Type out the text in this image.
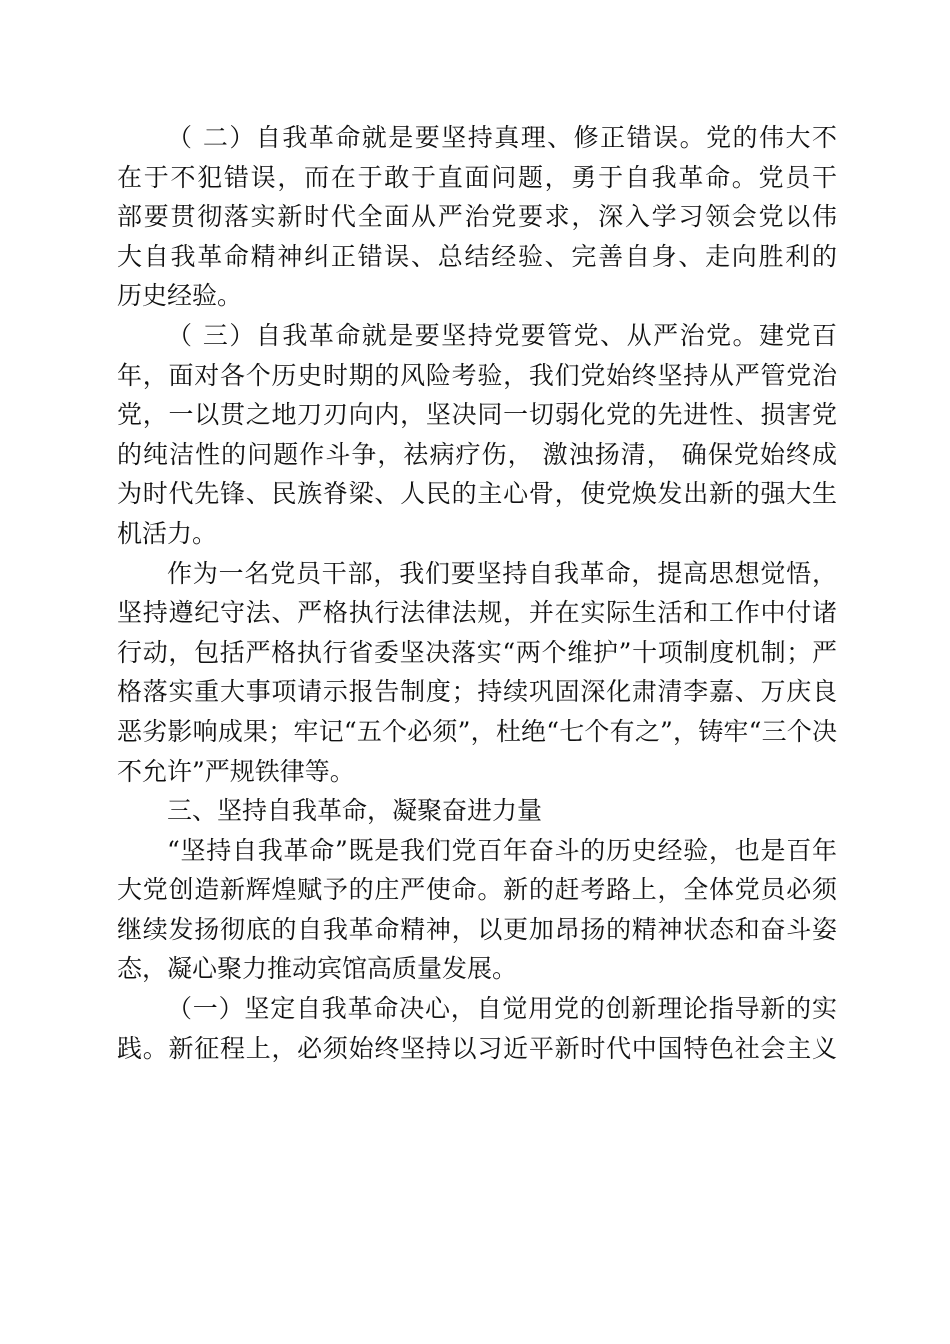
（ 二）自我革命就是要坚持真理、修正错误。党的伟大不
在于不犯错误，而在于敢于直面问题，勇于自我革命。党员干
部要贯彻落实新时代全面从严治党要求，深入学习领会党以伟
大自我革命精神纠正错误、总结经验、完善自身、走向胜利的
历史经验。
（ 三）自我革命就是要坚持党要管党、从严治党。建党百
年，面对各个历史时期的风险考验，我们党始终坚持从严管党治
党，一以贯之地刀刃向内，坚决同一切弱化党的先进性、损害党
的纯洁性的问题作斗争，祛病疗伤， 激浊扬清， 确保党始终成
为时代先锋、民族脊梁、人民的主心骨，使党焕发出新的强大生
机活力。
作为一名党员干部，我们要坚持自我革命，提高思想觉悟，
坚持遵纪守法、严格执行法律法规，并在实际生活和工作中付诸
行动，包括严格执行省委坚决落实“两个维护”十项制度机制；严
格落实重大事项请示报告制度；持续巩固深化肃清李嘉、万庆良
恶劣影响成果；牢记“五个必须”，杜绝“七个有之”，铸牢“三个决
不允许”严规铁律等。
三、坚持自我革命，凝聚奋进力量
“坚持自我革命”既是我们党百年奋斗的历史经验，也是百年
大党创造新辉煌赋予的庄严使命。新的赶考路上，全体党员必须
继续发扬彻底的自我革命精神，以更加昂扬的精神状态和奋斗姿
态，凝心聚力推动宾馆高质量发展。
（一）坚定自我革命决心，自觉用党的创新理论指导新的实
践。新征程上，必须始终坚持以习近平新时代中国特色社会主义
